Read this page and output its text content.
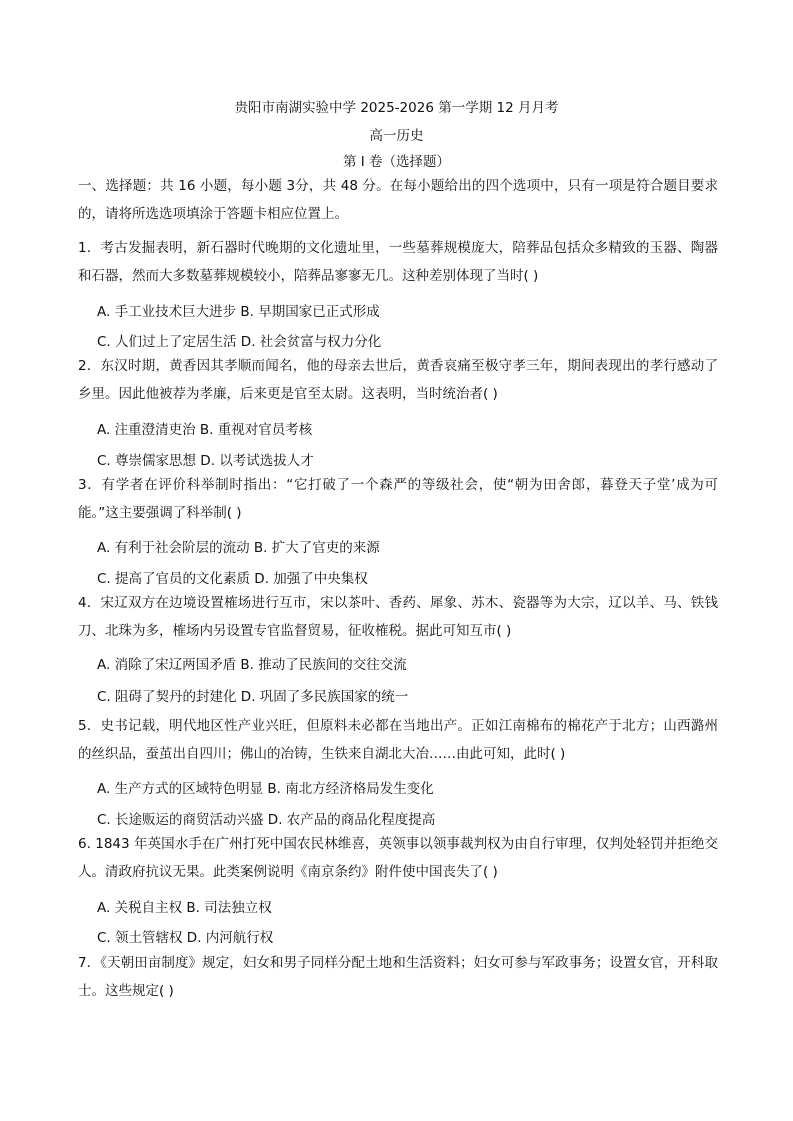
贵阳市南湖实验中学 2025-2026 第一学期 12 月月考
高一历史
第 I 卷（选择题）
一、选择题：共 16 小题，每小题 3分，共 48 分。在每小题给出的四个选项中，只有一项是符合题目要求的，请将所选选项填涂于答题卡相应位置上。
1．考古发掘表明，新石器时代晚期的文化遗址里，一些墓葬规模庞大，陪葬品包括众多精致的玉器、陶器和石器，然而大多数墓葬规模较小，陪葬品寥寥无几。这种差别体现了当时( )
A. 手工业技术巨大进步 B. 早期国家已正式形成
C. 人们过上了定居生活 D. 社会贫富与权力分化
2．东汉时期，黄香因其孝顺而闻名，他的母亲去世后，黄香哀痛至极守孝三年，期间表现出的孝行感动了乡里。因此他被荐为孝廉，后来更是官至太尉。这表明，当时统治者( )
A. 注重澄清吏治 B. 重视对官员考核
C. 尊崇儒家思想 D. 以考试选拔人才
3．有学者在评价科举制时指出：“它打破了一个森严的等级社会，使“朝为田舍郎，暮登天子堂’成为可能。”这主要强调了科举制( )
A. 有利于社会阶层的流动 B. 扩大了官吏的来源
C. 提高了官员的文化素质 D. 加强了中央集权
4．宋辽双方在边境设置榷场进行互市，宋以茶叶、香药、犀象、苏木、瓷器等为大宗，辽以羊、马、铁钱刀、北珠为多，榷场内另设置专官监督贸易，征收榷税。据此可知互市( )
A. 消除了宋辽两国矛盾 B. 推动了民族间的交往交流
C. 阻碍了契丹的封建化 D. 巩固了多民族国家的统一
5．史书记载，明代地区性产业兴旺，但原料未必都在当地出产。正如江南棉布的棉花产于北方；山西潞州的丝织品，蚕茧出自四川；佛山的冶铸，生铁来自湖北大冶……由此可知，此时( )
A. 生产方式的区域特色明显 B. 南北方经济格局发生变化
C. 长途贩运的商贸活动兴盛 D. 农产品的商品化程度提高
6. 1843 年英国水手在广州打死中国农民林维喜，英领事以领事裁判权为由自行审理，仅判处轻罚并拒绝交人。清政府抗议无果。此类案例说明《南京条约》附件使中国丧失了( )
A. 关税自主权 B. 司法独立权
C. 领土管辖权 D. 内河航行权
7．《天朝田亩制度》规定，妇女和男子同样分配土地和生活资料；妇女可参与军政事务；设置女官，开科取士。这些规定( )
